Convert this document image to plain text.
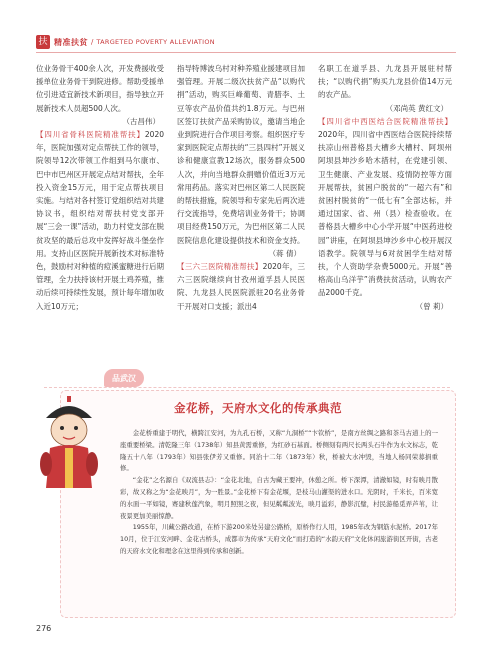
扶 精准扶贫 / TARGETED POVERTY ALLEVIATION

位业务骨干400余人次，开发费援收受援单位业务骨干到院进修。帮助受援单位引进适宜新技术新项目，指导独立开展新技术人员超500人次。

（古昌伟）

【四川省骨科医院精准帮扶】2020年，医院加强对定点帮扶工作的领导，院领导12次带领工作组到马尔康市、巴中市巴州区开展定点结对帮扶，全年投入资金15万元，用于定点帮扶项目实施。与结对各村签订党组织结对共建协议书，组织结对帮扶村党支部开展“三会一课”活动，助力村党支部在脱贫攻坚的最后总攻中发挥好战斗堡垒作用。支持山区医院开展新技术对标准特色，鼓励村对种植的痘溪蜜糖进行后期管理，全力扶持该村开展土鸡养殖，推动后续可持续性发展，预计每年增加收入近10万元；

指导特博波乌村对种养殖业援建项目加强管理。开展二级次扶贫产品“以购代捐”活动，购买巨峰葡萄、青腊李、土豆等农产品价值共约1.8万元。与巴州区签订扶贫产品采购协议，邀请当地企业到院进行合作项目考察。组织医疗专家到医院定点帮扶的“三县四村”开展义诊和健康宣教12场次，服务群众500人次，并向当地群众捐赠价值近3万元常用药品。落实对巴州区第二人民医院的帮扶措施，院领导和专家先后两次进行交流指导，免费培训业务骨干；协调项目经费150万元，为巴州区第二人民医院信息化建设提供技术和资金支持。

（蒋 倩）

【三六三医院精准帮扶】2020年，三六三医院继续向甘孜州道孚县人民医院、九龙县人民医院派驻20名业务骨干开展对口支援；派出4

名职工在道孚县、九龙县开展驻村帮扶；“以购代捐”购买九龙县价值14万元的农产品。

（邓尚英 黄红文）

【四川省中西医结合医院精准帮扶】2020年，四川省中西医结合医院持续帮扶凉山州普格县大槽乡大槽村、阿坝州阿坝县坤沙乡哈木措村，在党建引领、卫生健康、产业发展、疫情防控等方面开展帮扶，贫困户脱贫的“一超六有”和贫困村脱贫的“一低七有”全部达标，并通过国家、省、州（县）检查验收。在普格县大槽乡中心小学开展“中医药进校园”讲座，在阿坝县坤沙乡中心校开展汉语教学。院领导与6对贫困学生结对帮扶，个人资助学杂费5000元。开展“善格高山乌洋芋”消费扶贫活动，认购农产品2000千克。

（曾 莉）

品武汉
金花桥，天府水文化的传承典范

金花桥重建于明代，横跨江安河，为九孔石桥，又称“九洞桥”“卞钦桥”，是南方丝绸之路和茶马古道上的一座重要桥梁。清乾隆三年（1738年）知县黄需重修，为红砂石基面。桥侧刻有两尺长两头石牛作为水文标志，乾隆五十八年（1793年）知县张伊芳又重修。同治十二年（1873年）秋，桥被大水冲毁，当地人杨同荣募捐重修。

“金花”之名源自《双流县志》：“金花北地，自古为藏王要冲，休憩之所。桥下深潭，清澈如镜，时有映月散彩，故又称之为“金花映月”，为一胜景。”金花桥下有金花堰，是枝马山灌渠的进水口。光阴时，千米长，百米宽的水面一平如镜，赛建秋莲汽象，明月照照之夜，但见粼粼波光，映月溢彩，静影沉璧，村民游船觅弄芦苇，让夜景更加美丽惊静。

1955年，川藏公路改道，在桥下游200米处另建公路桥，原桥作行人用，1985年改为钢筋水泥桥。2017年10月，位于江安河畔、金花古桥头，成都市为传承“天府文化”而打造的“水韵天府”文化休闲旅游街区开街，古老的天府水文化和理念在这里得到传承和创新。

276
